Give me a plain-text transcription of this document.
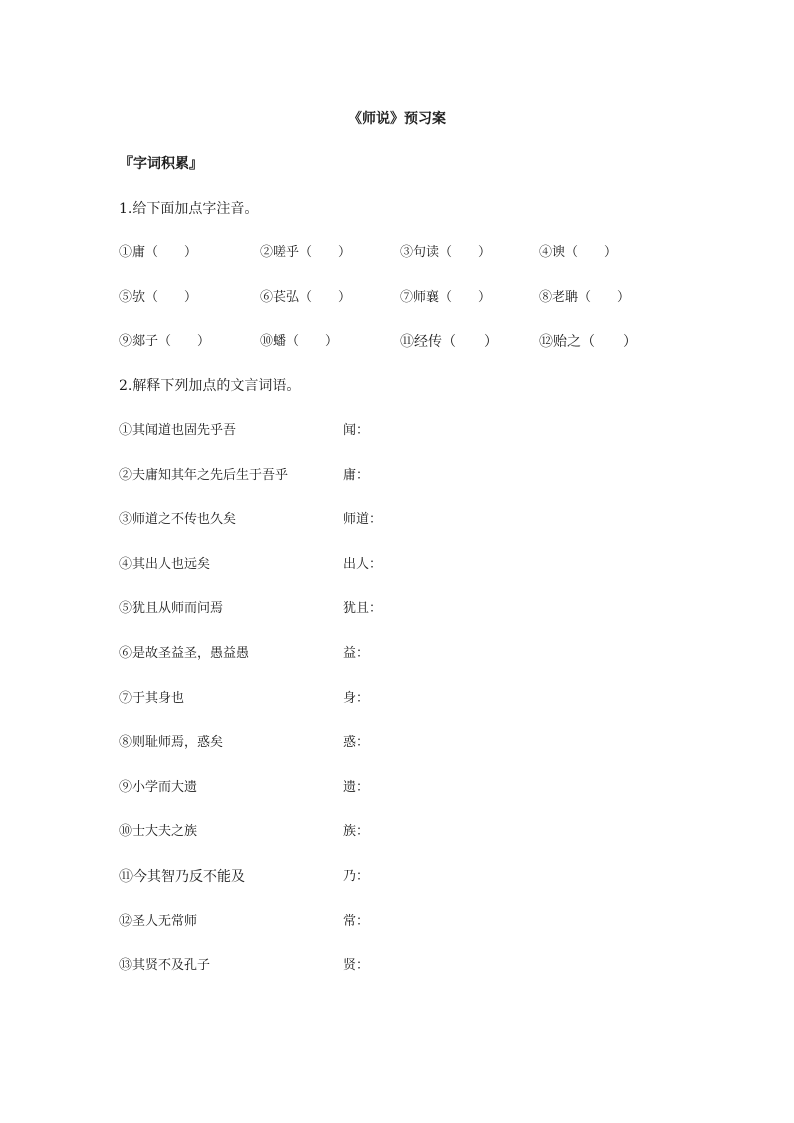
《师说》预习案
『字词积累』
1.给下面加点字注音。
①庸（　　）	②嗟乎（　　）	③句读（　　）	④谀（　　）
⑤欤（　　）	⑥苌弘（　　）	⑦师襄（　　）	⑧老聃（　　）
⑨郯子（　　）	⑩蟠（　　）	⑪经传（　　）	⑫贻之（　　）
2.解释下列加点的文言词语。
①其闻道也固先乎吾	闻：
②夫庸知其年之先后生于吾乎	庸：
③师道之不传也久矣	师道：
④其出人也远矣	出人：
⑤犹且从师而问焉	犹且：
⑥是故圣益圣，愚益愚	益：
⑦于其身也	身：
⑧则耻师焉，惑矣	惑：
⑨小学而大遗	遗：
⑩士大夫之族	族：
⑪今其智乃反不能及	乃：
⑫圣人无常师	常：
⑬其贤不及孔子	贤：
